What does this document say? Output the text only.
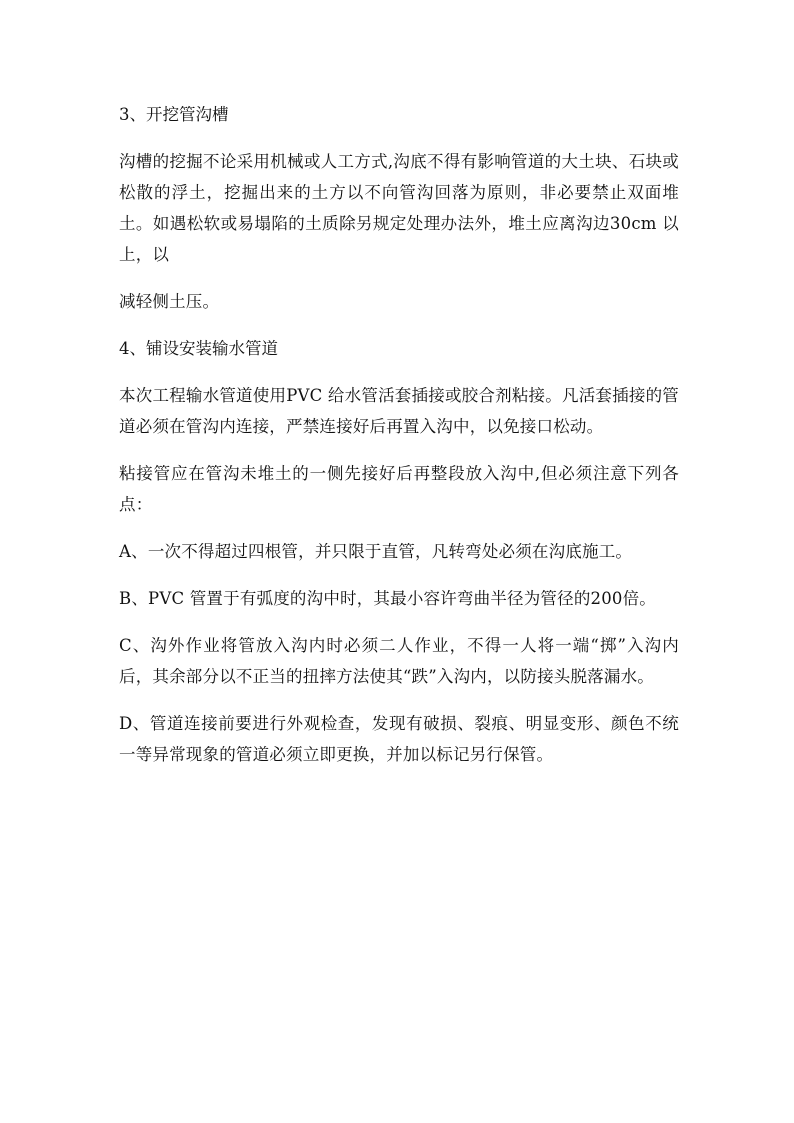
3、开挖管沟槽

沟槽的挖掘不论采用机械或人工方式,沟底不得有影响管道的大土块、石块或松散的浮土，挖掘出来的土方以不向管沟回落为原则，非必要禁止双面堆土。如遇松软或易塌陷的土质除另规定处理办法外，堆土应离沟边30cm 以上，以

减轻侧土压。

4、铺设安装输水管道

本次工程输水管道使用PVC 给水管活套插接或胶合剂粘接。凡活套插接的管道必须在管沟内连接，严禁连接好后再置入沟中，以免接口松动。

粘接管应在管沟未堆土的一侧先接好后再整段放入沟中,但必须注意下列各点：

A、一次不得超过四根管，并只限于直管，凡转弯处必须在沟底施工。

B、PVC 管置于有弧度的沟中时，其最小容许弯曲半径为管径的200倍。

C、沟外作业将管放入沟内时必须二人作业，不得一人将一端“掷”入沟内后，其余部分以不正当的扭摔方法使其“跌”入沟内，以防接头脱落漏水。

D、管道连接前要进行外观检查，发现有破损、裂痕、明显变形、颜色不统一等异常现象的管道必须立即更换，并加以标记另行保管。
